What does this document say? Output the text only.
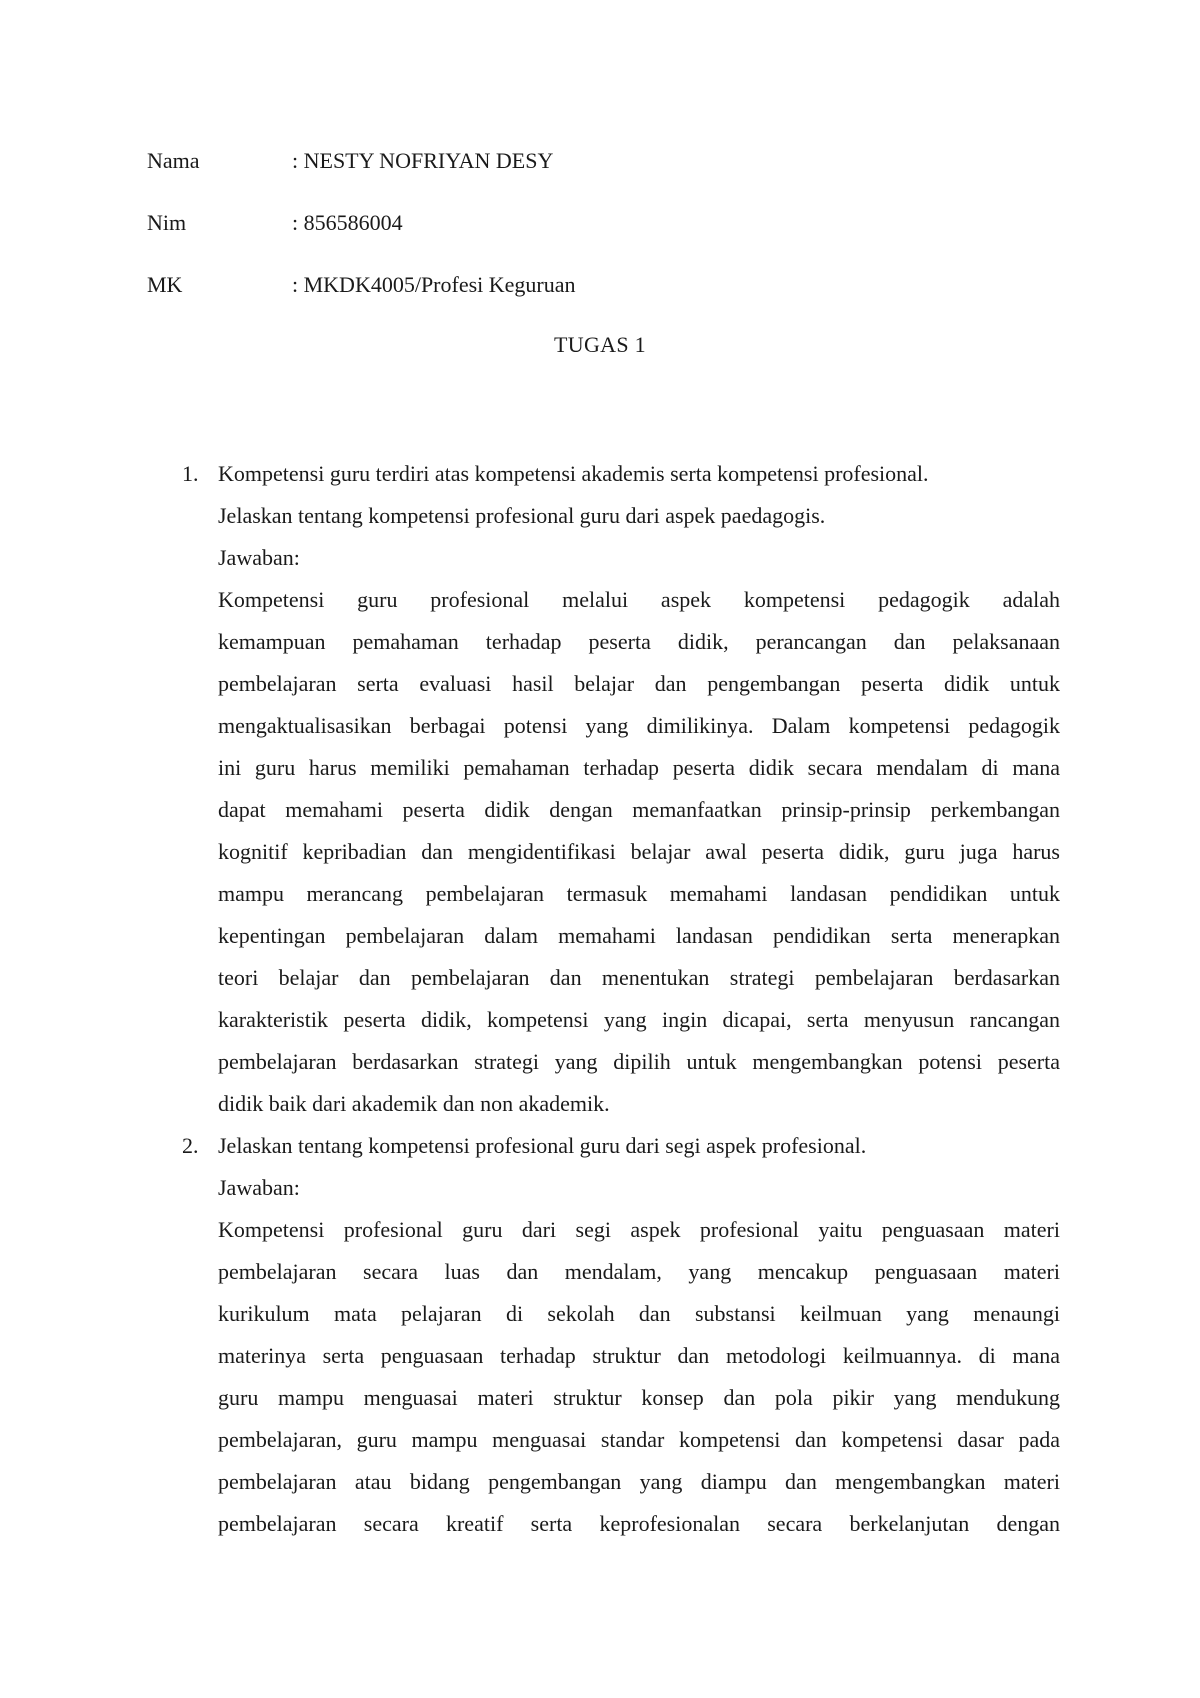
Nama	: NESTY NOFRIYAN DESY
Nim	: 856586004
MK	: MKDK4005/Profesi Keguruan
TUGAS 1
1. Kompetensi guru terdiri atas kompetensi akademis serta kompetensi profesional.
Jelaskan tentang kompetensi profesional guru dari aspek paedagogis.
Jawaban:
Kompetensi guru profesional melalui aspek kompetensi pedagogik adalah
kemampuan pemahaman terhadap peserta didik, perancangan dan pelaksanaan
pembelajaran serta evaluasi hasil belajar dan pengembangan peserta didik untuk
mengaktualisasikan berbagai potensi yang dimilikinya. Dalam kompetensi pedagogik
ini guru harus memiliki pemahaman terhadap peserta didik secara mendalam di mana
dapat memahami peserta didik dengan memanfaatkan prinsip-prinsip perkembangan
kognitif kepribadian dan mengidentifikasi belajar awal peserta didik, guru juga harus
mampu merancang pembelajaran termasuk memahami landasan pendidikan untuk
kepentingan pembelajaran dalam memahami landasan pendidikan serta menerapkan
teori belajar dan pembelajaran dan menentukan strategi pembelajaran berdasarkan
karakteristik peserta didik, kompetensi yang ingin dicapai, serta menyusun rancangan
pembelajaran berdasarkan strategi yang dipilih untuk mengembangkan potensi peserta
didik baik dari akademik dan non akademik.
2. Jelaskan tentang kompetensi profesional guru dari segi aspek profesional.
Jawaban:
Kompetensi profesional guru dari segi aspek profesional yaitu penguasaan materi
pembelajaran secara luas dan mendalam, yang mencakup penguasaan materi
kurikulum mata pelajaran di sekolah dan substansi keilmuan yang menaungi
materinya serta penguasaan terhadap struktur dan metodologi keilmuannya. di mana
guru mampu menguasai materi struktur konsep dan pola pikir yang mendukung
pembelajaran, guru mampu menguasai standar kompetensi dan kompetensi dasar pada
pembelajaran atau bidang pengembangan yang diampu dan mengembangkan materi
pembelajaran secara kreatif serta keprofesionalan secara berkelanjutan dengan
